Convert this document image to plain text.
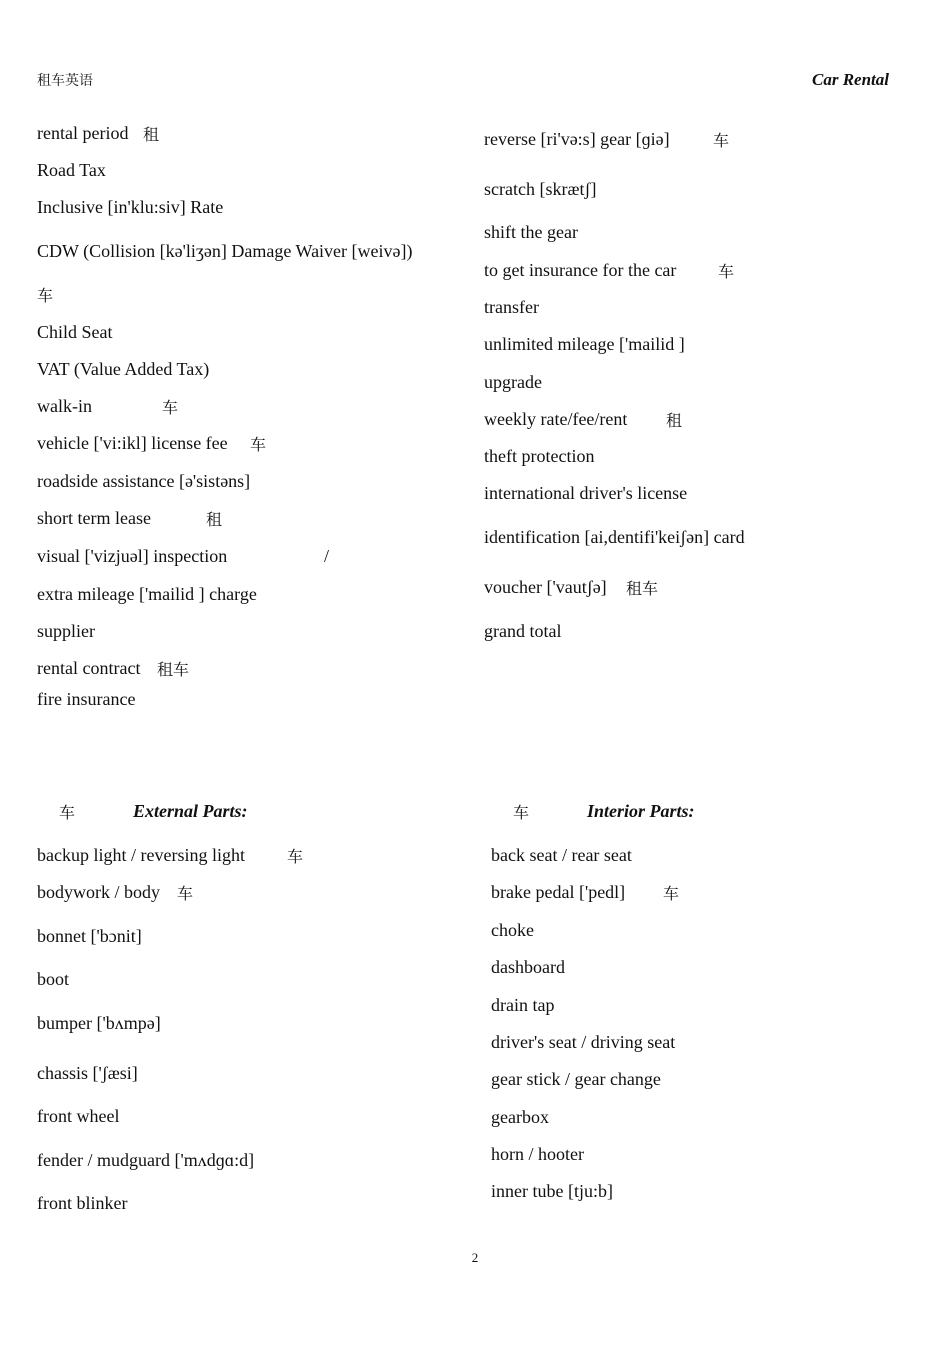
租车英语	Car Rental
rental period 租
Road Tax
Inclusive [in'klu:siv] Rate
CDW (Collision [kə'liʒən] Damage Waiver [weivə])
车
Child Seat
VAT (Value Added Tax)
walk-in	车
vehicle ['vi:ikl] license fee 车
roadside assistance [ə'sistəns]
short term lease	租
visual ['vizjuəl] inspection	/
extra mileage ['mailid ] charge
supplier
rental contract 租车
fire insurance
reverse [ri'və:s] gear [ɡiə]	车
scratch [skrætʃ]
shift the gear
to get insurance for the car	车
transfer
unlimited mileage ['mailid ]
upgrade
weekly rate/fee/rent 租
theft protection
international driver's license
identification [ai,dentifi'keiʃən] card
voucher ['vautʃə] 租车
grand total
车	External Parts:
backup light / reversing light	车
bodywork / body 车
bonnet ['bɔnit]
boot
bumper ['bʌmpə]
chassis ['ʃæsi]
front wheel
fender / mudguard ['mʌdɡɑ:d]
front blinker
车	Interior Parts:
back seat / rear seat
brake pedal ['pedl] 车
choke
dashboard
drain tap
driver's seat / driving seat
gear stick / gear change
gearbox
horn / hooter
inner tube [tju:b]
2
